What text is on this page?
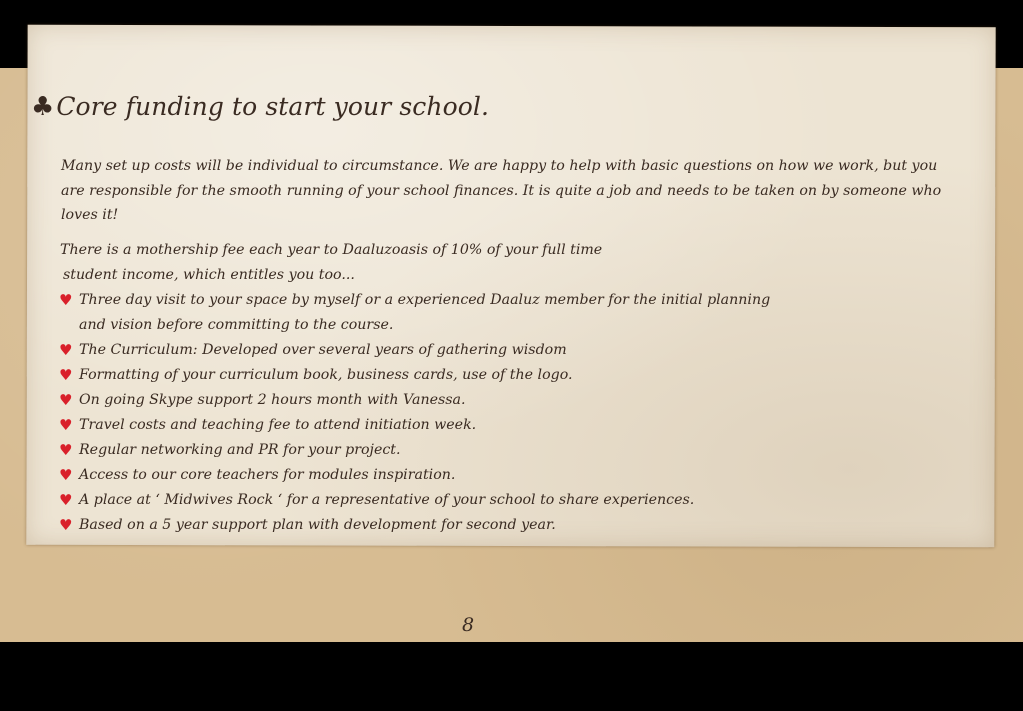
♣ Core funding to start your school.
Many set up costs will be individual to circumstance. We are happy to help with basic questions on how we work, but you are responsible for the smooth running of your school finances. It is quite a job and needs to be taken on by someone who loves it!
There is a mothership fee each year to Daaluzoasis of 10% of your full time
student income, which entitles you too...
♥ Three day visit to your space by myself or a experienced Daaluz member for the initial planning and vision before committing to the course.
♥ The Curriculum: Developed over several years of gathering wisdom
♥ Formatting of your curriculum book, business cards, use of the logo.
♥ On going Skype support 2 hours month with Vanessa.
♥ Travel costs and teaching fee to attend initiation week.
♥ Regular networking and PR for your project.
♥ Access to our core teachers for modules inspiration.
♥ A place at ‘ Midwives Rock ‘ for a representative of your school to share experiences.
♥ Based on a 5 year support plan with development for second year.
8
